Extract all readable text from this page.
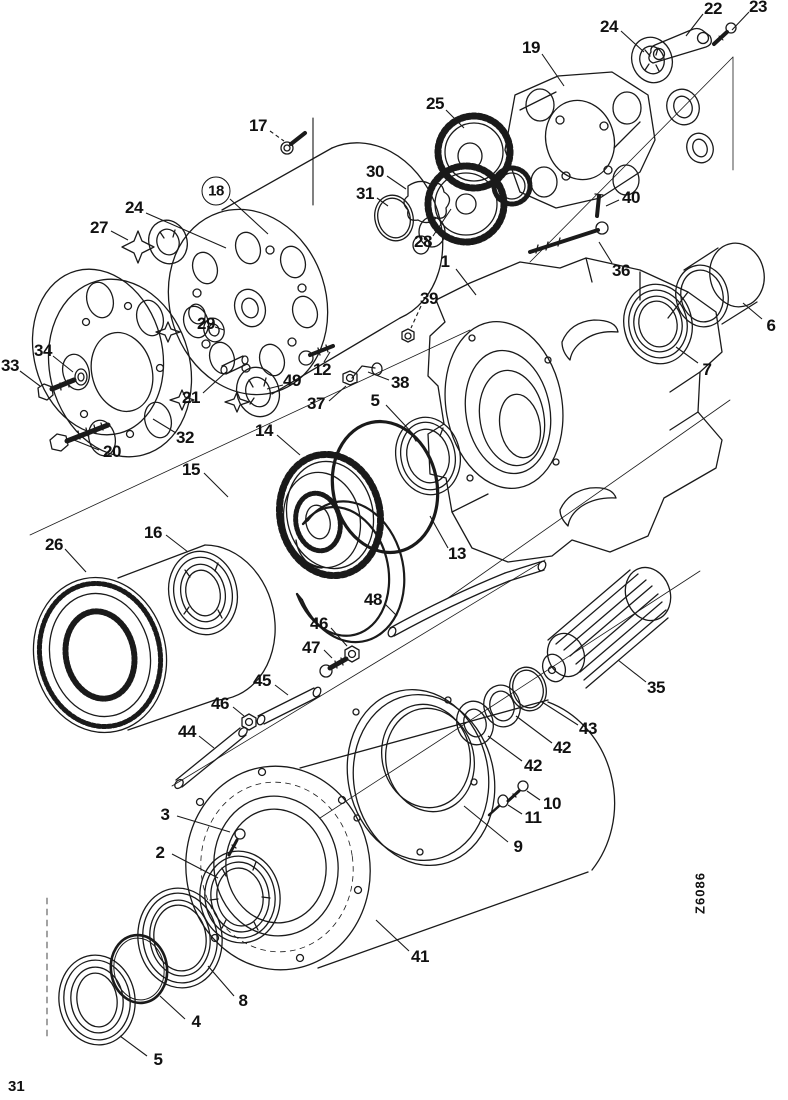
1
2
3
4
5
5
6
7
8
9
10
11
12
13
14
15
16
17
18
19
20
21
22 23
24
24
25
26
27
28
29
30
31
32
33
34
35
36
37
38
39
40
41
42
42
43
44
45
46
46
47
48
49
Z6086
31
